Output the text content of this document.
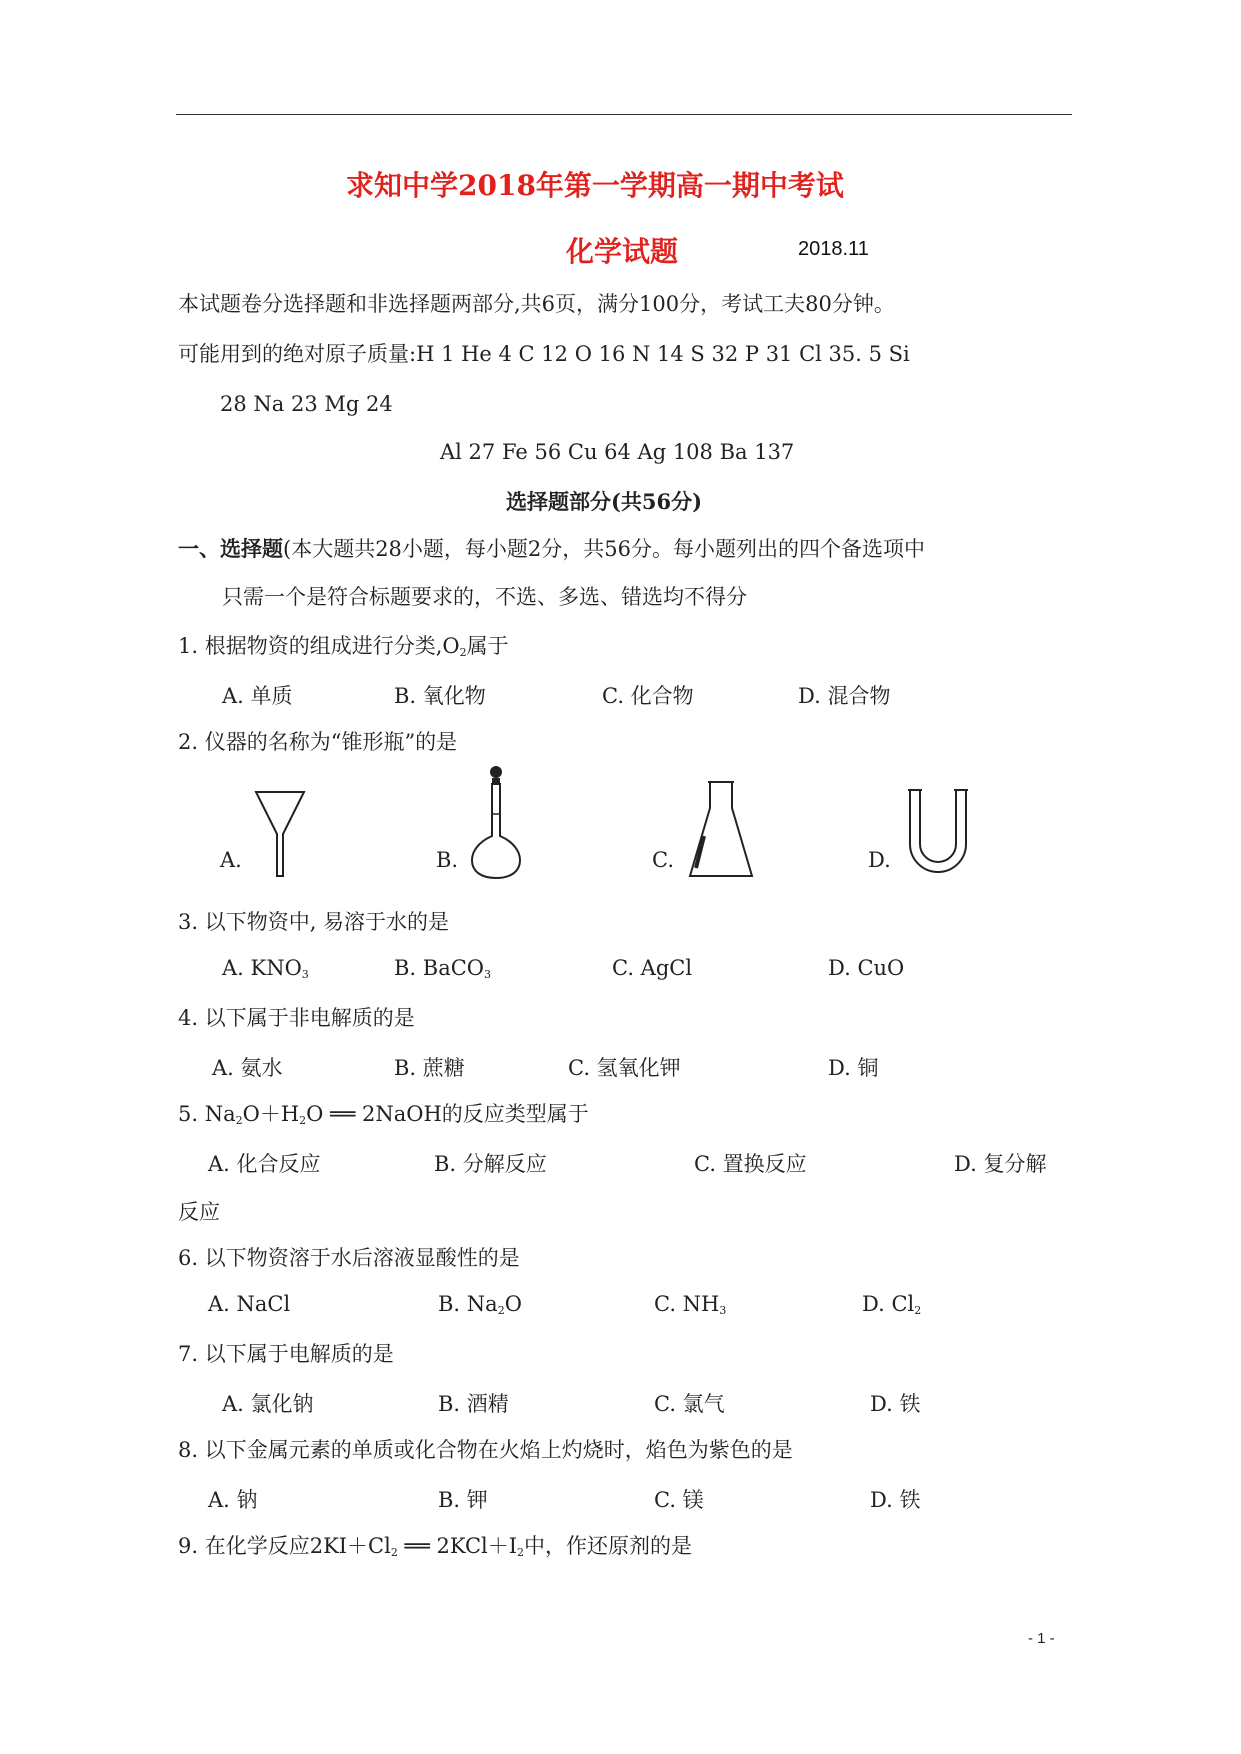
求知中学2018年第一学期高一期中考试
化学试题	2018.11
本试题卷分选择题和非选择题两部分,共6页，满分100分，考试工夫80分钟。
可能用到的绝对原子质量:H 1 He 4 C 12 O 16 N 14 S 32 P 31 Cl 35. 5 Si
28 Na 23 Mg 24
Al 27 Fe 56 Cu 64 Ag 108 Ba 137
选择题部分(共56分)
一、选择题(本大题共28小题，每小题2分，共56分。每小题列出的四个备选项中
只需一个是符合标题要求的，不选、多选、错选均不得分
1. 根据物资的组成进行分类$,O_2$属于
A. 单质	B. 氧化物	C. 化合物	D. 混合物
2. 仪器的名称为“锥形瓶”的是
A.	B.	C.	D.
3. 以下物资中, 易溶于水的是
A. $KNO_3$	B. BaCO$_3$	C. AgCl	D. CuO
4. 以下属于非电解质的是
A. 氨水	B. 蔗糖	C. 氢氧化钾	D. 铜
5. $Na_2O+H_2O$ ══ 2NaOH的反应类型属于
A. 化合反应	B. 分解反应	C. 置换反应	D. 复分解
反应
6. 以下物资溶于水后溶液显酸性的是
A. NaCl	B. $Na_2O$	C. $NH_3$	D. $Cl_2$
7. 以下属于电解质的是
A. 氯化钠	B. 酒精	C. 氯气	D. 铁
8. 以下金属元素的单质或化合物在火焰上灼烧时，焰色为紫色的是
A. 钠	B. 钾	C. 镁	D. 铁
9. 在化学反应$2KI+Cl_2$ ══ $2KCl+I_2$中，作还原剂的是
- 1 -
